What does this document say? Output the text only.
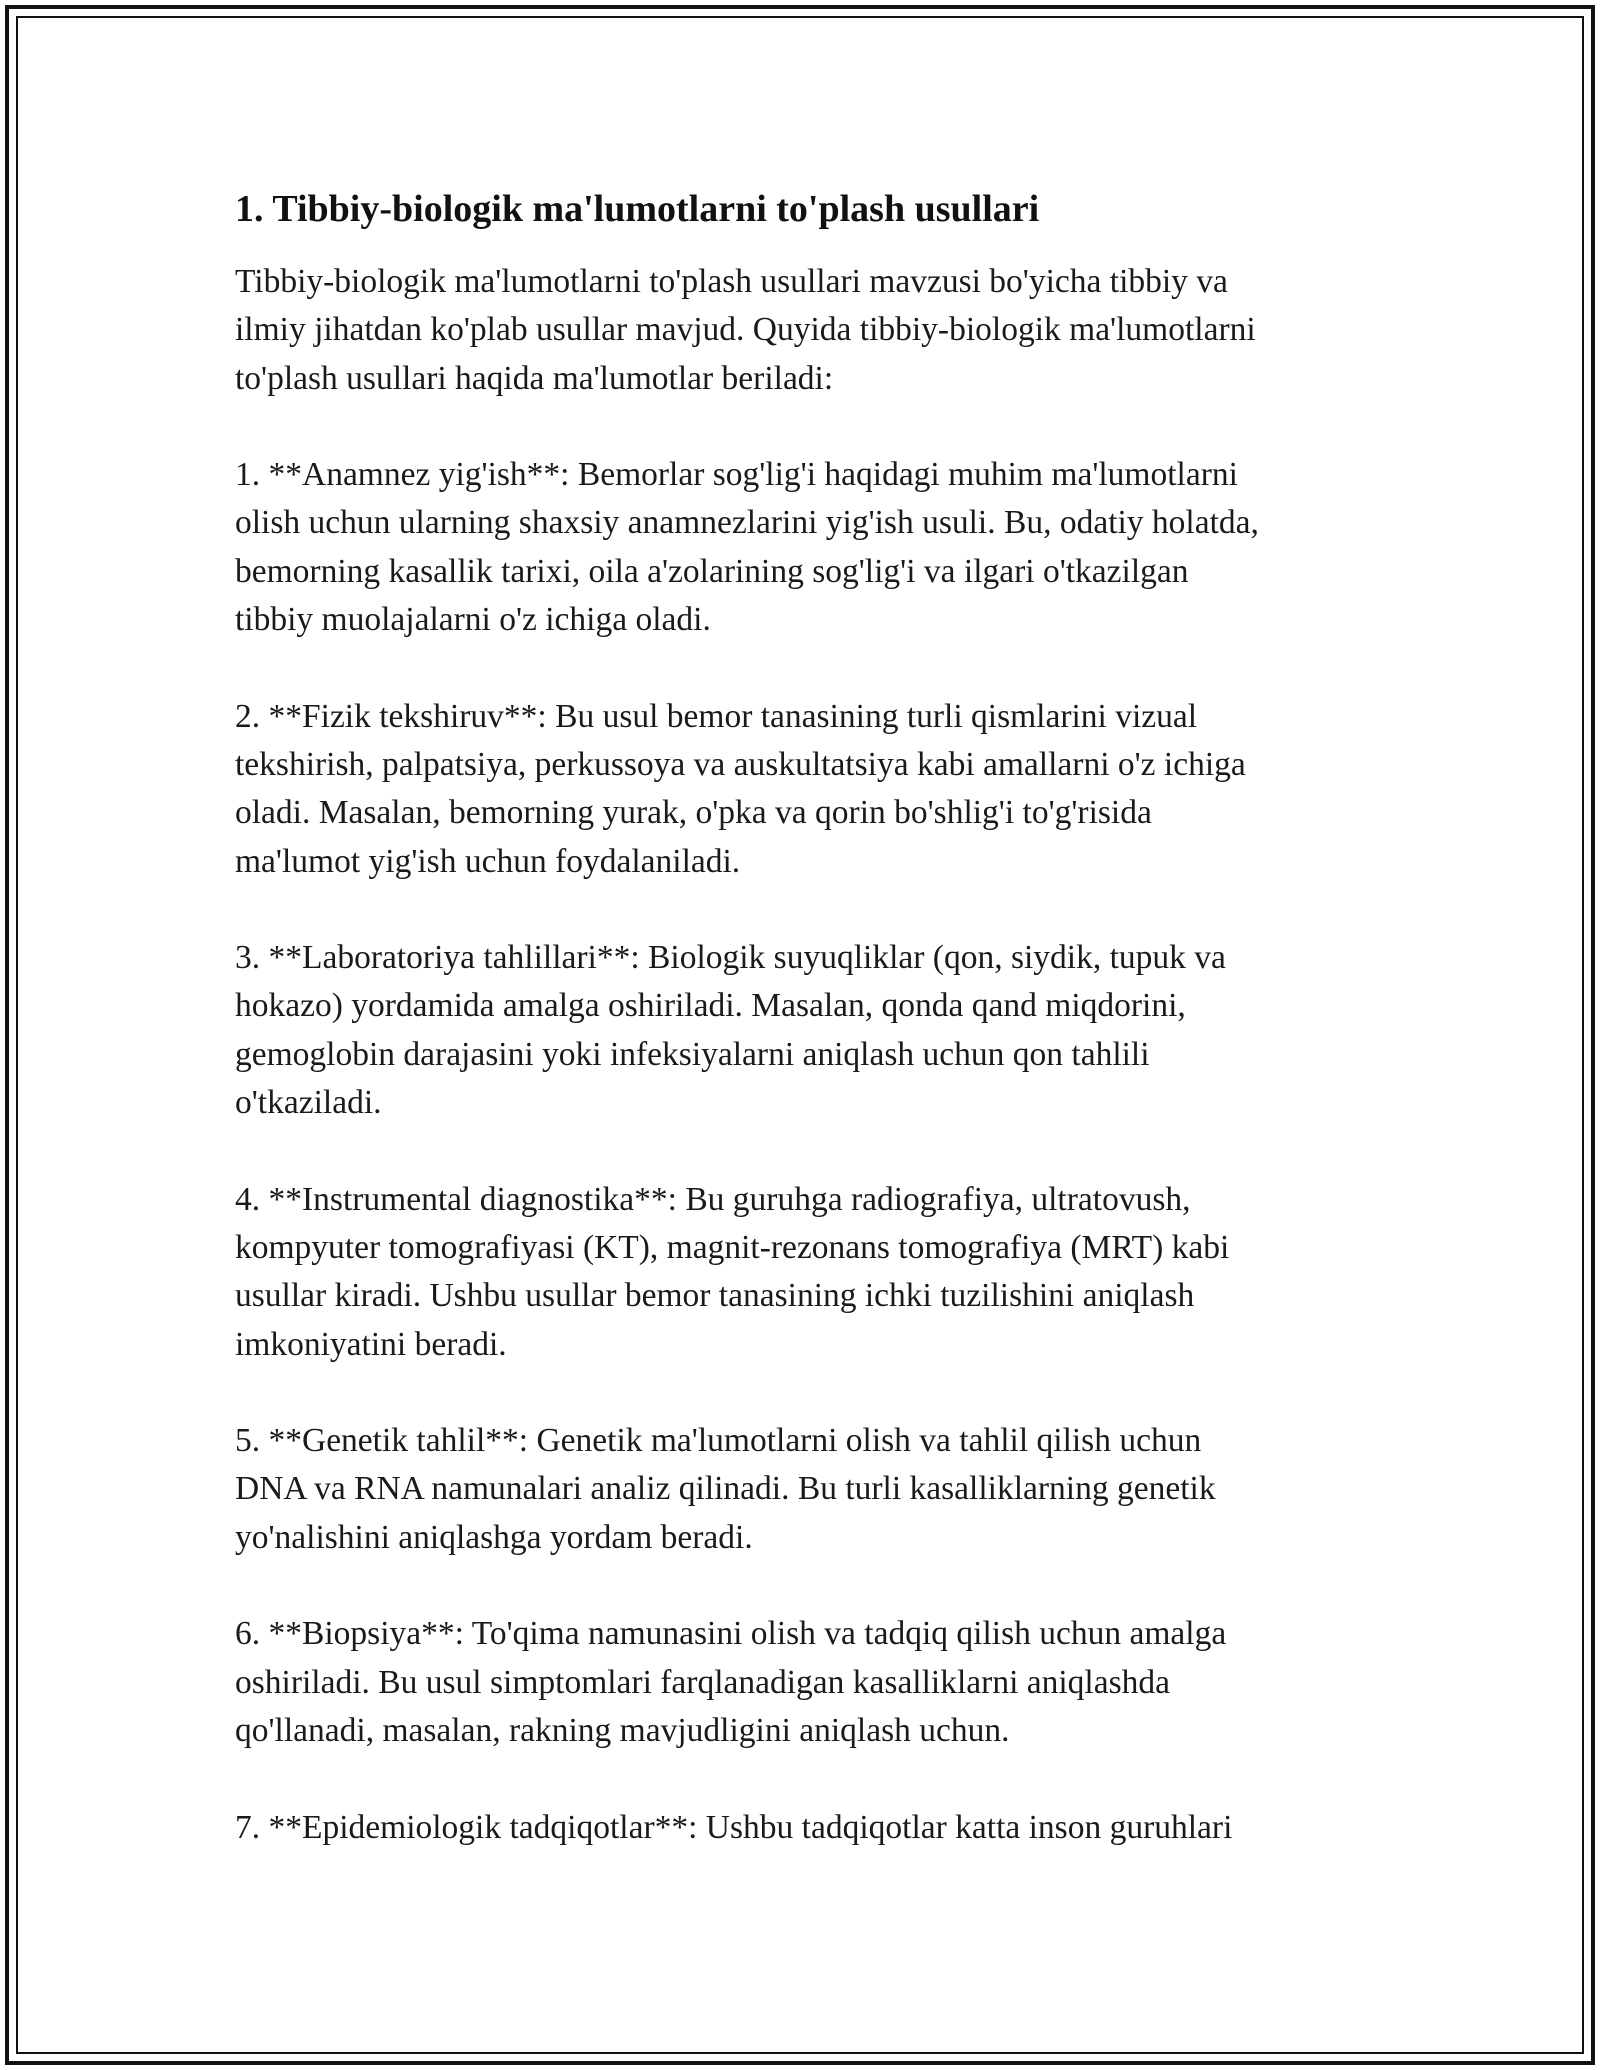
1. Tibbiy-biologik ma'lumotlarni to'plash usullari

Tibbiy-biologik ma'lumotlarni to'plash usullari mavzusi bo'yicha tibbiy va
ilmiy jihatdan ko'plab usullar mavjud. Quyida tibbiy-biologik ma'lumotlarni
to'plash usullari haqida ma'lumotlar beriladi:

1. **Anamnez yig'ish**: Bemorlar sog'lig'i haqidagi muhim ma'lumotlarni
olish uchun ularning shaxsiy anamnezlarini yig'ish usuli. Bu, odatiy holatda,
bemorning kasallik tarixi, oila a'zolarining sog'lig'i va ilgari o'tkazilgan
tibbiy muolajalarni o'z ichiga oladi.

2. **Fizik tekshiruv**: Bu usul bemor tanasining turli qismlarini vizual
tekshirish, palpatsiya, perkussoya va auskultatsiya kabi amallarni o'z ichiga
oladi. Masalan, bemorning yurak, o'pka va qorin bo'shlig'i to'g'risida
ma'lumot yig'ish uchun foydalaniladi.

3. **Laboratoriya tahlillari**: Biologik suyuqliklar (qon, siydik, tupuk va
hokazo) yordamida amalga oshiriladi. Masalan, qonda qand miqdorini,
gemoglobin darajasini yoki infeksiyalarni aniqlash uchun qon tahlili
o'tkaziladi.

4. **Instrumental diagnostika**: Bu guruhga radiografiya, ultratovush,
kompyuter tomografiyasi (KT), magnit-rezonans tomografiya (MRT) kabi
usullar kiradi. Ushbu usullar bemor tanasining ichki tuzilishini aniqlash
imkoniyatini beradi.

5. **Genetik tahlil**: Genetik ma'lumotlarni olish va tahlil qilish uchun
DNA va RNA namunalari analiz qilinadi. Bu turli kasalliklarning genetik
yo'nalishini aniqlashga yordam beradi.

6. **Biopsiya**: To'qima namunasini olish va tadqiq qilish uchun amalga
oshiriladi. Bu usul simptomlari farqlanadigan kasalliklarni aniqlashda
qo'llanadi, masalan, rakning mavjudligini aniqlash uchun.

7. **Epidemiologik tadqiqotlar**: Ushbu tadqiqotlar katta inson guruhlari
